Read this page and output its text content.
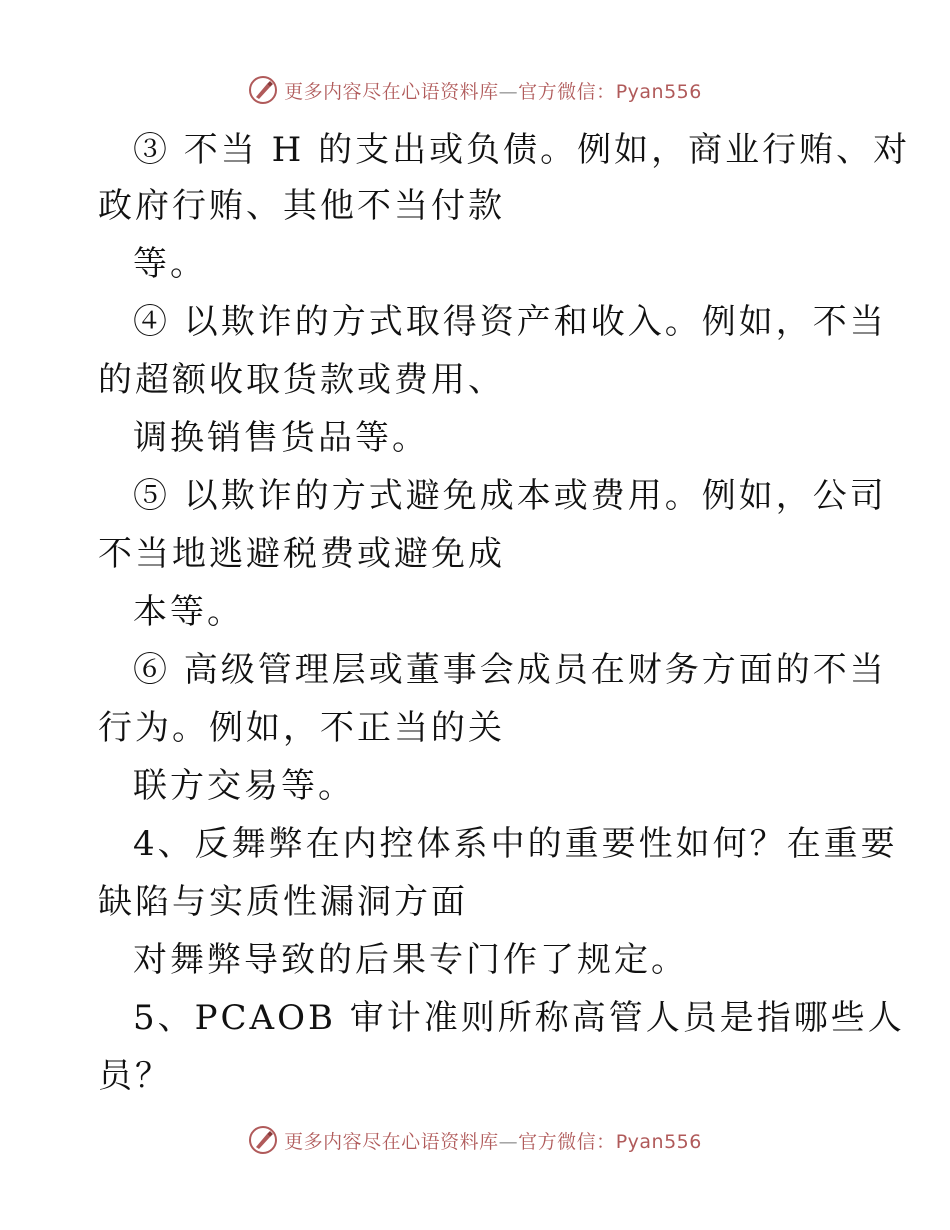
更多内容尽在心语资料库—官方微信：Pyan556
③ 不当 H 的支出或负债。例如，商业行贿、对
政府行贿、其他不当付款
等。
④ 以欺诈的方式取得资产和收入。例如，不当
的超额收取货款或费用、
调换销售货品等。
⑤ 以欺诈的方式避免成本或费用。例如，公司
不当地逃避税费或避免成
本等。
⑥ 高级管理层或董事会成员在财务方面的不当
行为。例如，不正当的关
联方交易等。
4、反舞弊在内控体系中的重要性如何？在重要
缺陷与实质性漏洞方面
对舞弊导致的后果专门作了规定。
5、PCAOB 审计准则所称高管人员是指哪些人
员？
更多内容尽在心语资料库—官方微信：Pyan556
